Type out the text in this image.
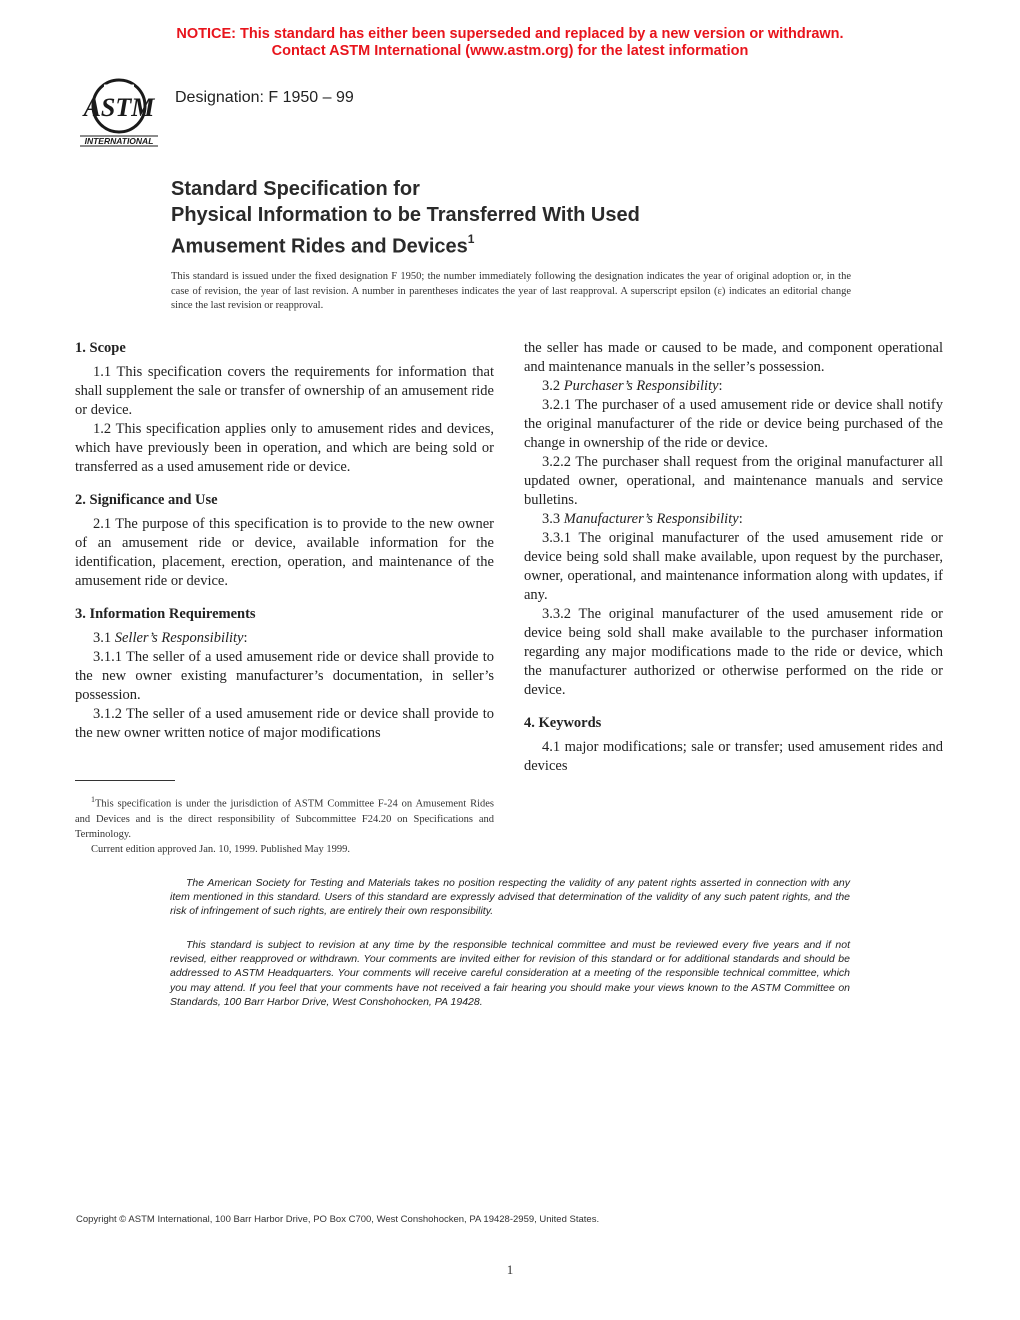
NOTICE: This standard has either been superseded and replaced by a new version or withdrawn.
Contact ASTM International (www.astm.org) for the latest information
ASTM
INTERNATIONAL
Designation: F 1950 – 99
Standard Specification for
Physical Information to be Transferred With Used
Amusement Rides and Devices$^1$
This standard is issued under the fixed designation F 1950; the number immediately following the designation indicates the year of original adoption or, in the case of revision, the year of last revision. A number in parentheses indicates the year of last reapproval. A superscript epsilon (ε) indicates an editorial change since the last revision or reapproval.
1. Scope

1.1 This specification covers the requirements for information that shall supplement the sale or transfer of ownership of an amusement ride or device.

1.2 This specification applies only to amusement rides and devices, which have previously been in operation, and which are being sold or transferred as a used amusement ride or device.

2. Significance and Use

2.1 The purpose of this specification is to provide to the new owner of an amusement ride or device, available information for the identification, placement, erection, operation, and maintenance of the amusement ride or device.

3. Information Requirements

3.1 Seller’s Responsibility:

3.1.1 The seller of a used amusement ride or device shall provide to the new owner existing manufacturer’s documentation, in seller’s possession.

3.1.2 The seller of a used amusement ride or device shall provide to the new owner written notice of major modifications

the seller has made or caused to be made, and component operational and maintenance manuals in the seller’s possession.

3.2 Purchaser’s Responsibility:

3.2.1 The purchaser of a used amusement ride or device shall notify the original manufacturer of the ride or device being purchased of the change in ownership of the ride or device.

3.2.2 The purchaser shall request from the original manufacturer all updated owner, operational, and maintenance manuals and service bulletins.

3.3 Manufacturer’s Responsibility:

3.3.1 The original manufacturer of the used amusement ride or device being sold shall make available, upon request by the purchaser, owner, operational, and maintenance information along with updates, if any.

3.3.2 The original manufacturer of the used amusement ride or device being sold shall make available to the purchaser information regarding any major modifications made to the ride or device, which the manufacturer authorized or otherwise performed on the ride or device.

4. Keywords

4.1 major modifications; sale or transfer; used amusement rides and devices

$^1$This specification is under the jurisdiction of ASTM Committee F-24 on Amusement Rides and Devices and is the direct responsibility of Subcommittee F24.20 on Specifications and Terminology.

Current edition approved Jan. 10, 1999. Published May 1999.

The American Society for Testing and Materials takes no position respecting the validity of any patent rights asserted in connection with any item mentioned in this standard. Users of this standard are expressly advised that determination of the validity of any such patent rights, and the risk of infringement of such rights, are entirely their own responsibility.

This standard is subject to revision at any time by the responsible technical committee and must be reviewed every five years and if not revised, either reapproved or withdrawn. Your comments are invited either for revision of this standard or for additional standards and should be addressed to ASTM Headquarters. Your comments will receive careful consideration at a meeting of the responsible technical committee, which you may attend. If you feel that your comments have not received a fair hearing you should make your views known to the ASTM Committee on Standards, 100 Barr Harbor Drive, West Conshohocken, PA 19428.

Copyright © ASTM International, 100 Barr Harbor Drive, PO Box C700, West Conshohocken, PA 19428-2959, United States.
1
